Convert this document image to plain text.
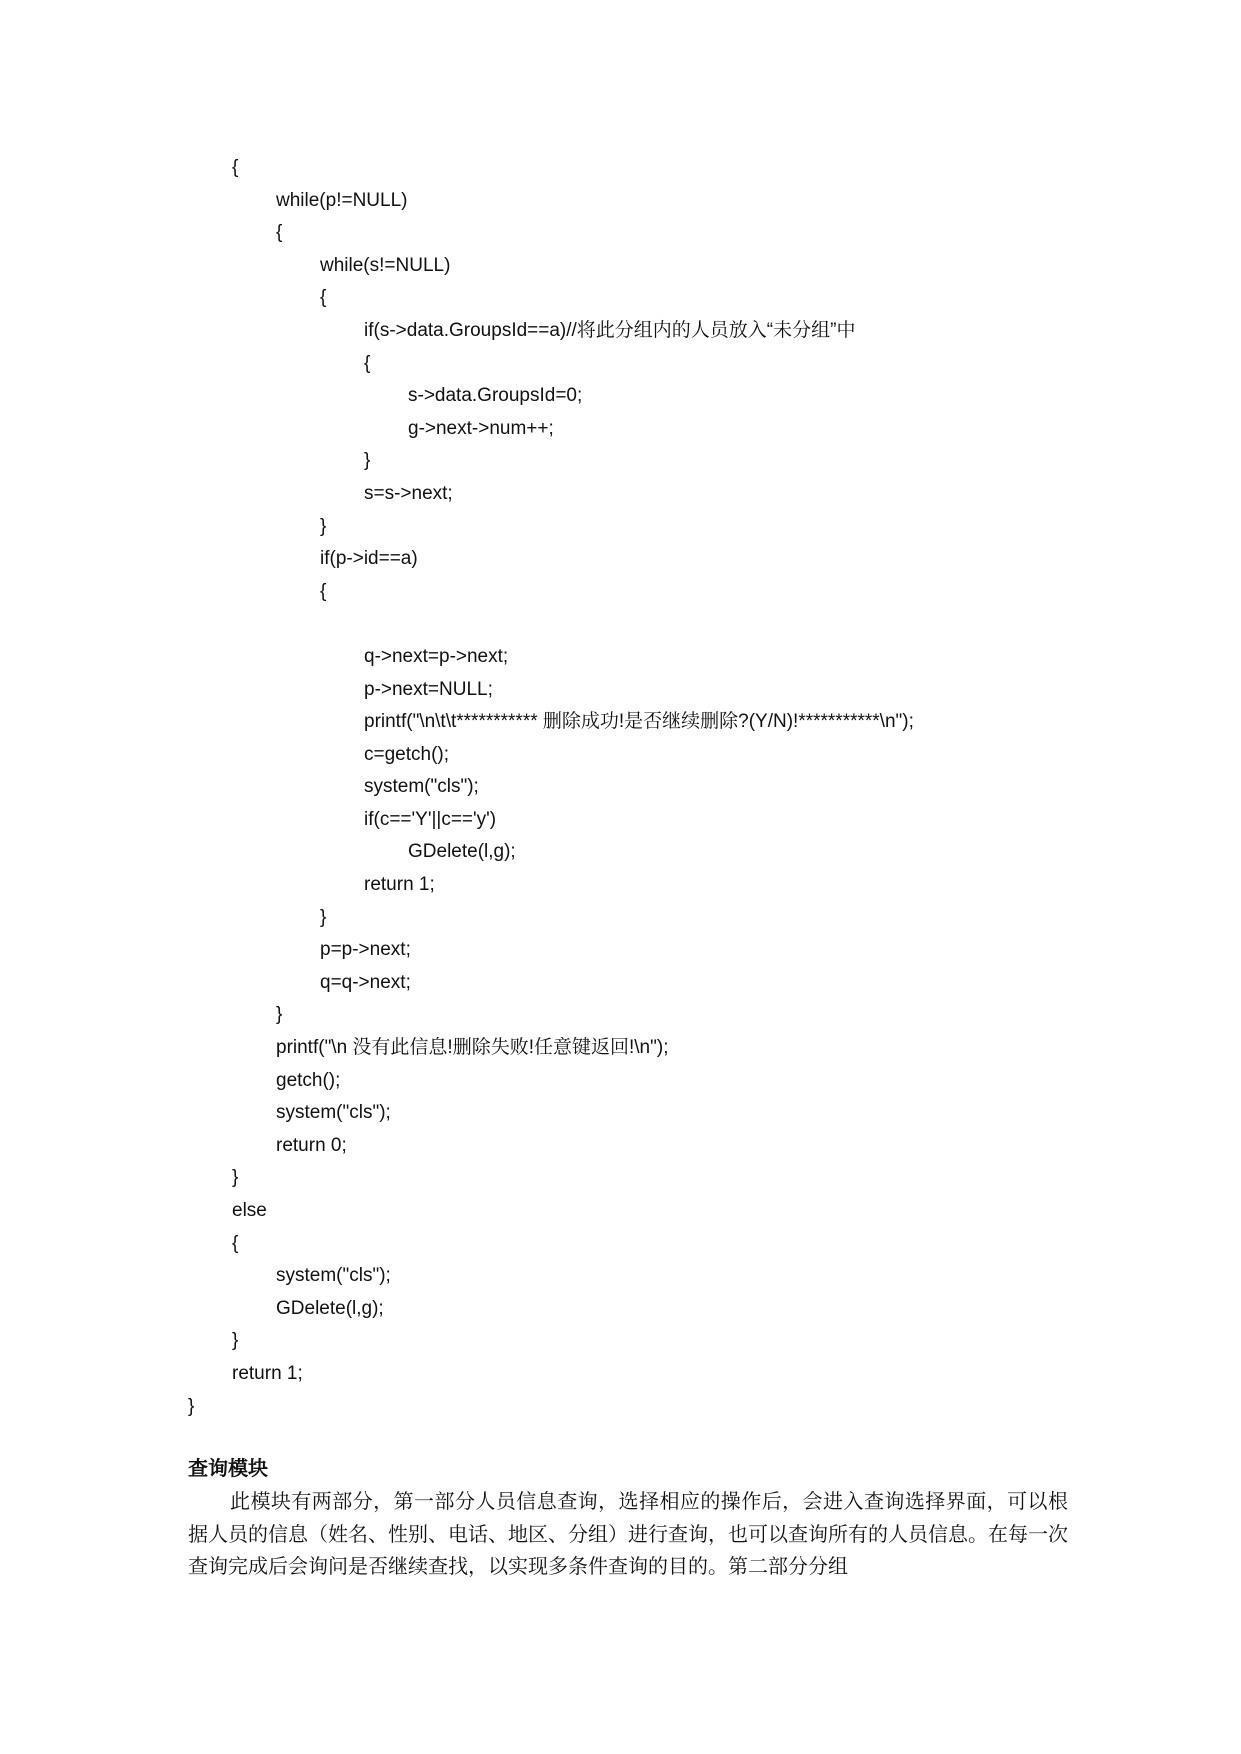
{
while(p!=NULL)
{
while(s!=NULL)
{
if(s->data.GroupsId==a)//将此分组内的人员放入“未分组”中
{
s->data.GroupsId=0;
g->next->num++;
}
s=s->next;
}
if(p->id==a)
{
q->next=p->next;
p->next=NULL;
printf("\n\t\t*********** 删除成功!是否继续删除?(Y/N)!***********\n");
c=getch();
system("cls");
if(c=='Y'||c=='y')
GDelete(l,g);
return 1;
}
p=p->next;
q=q->next;
}
printf("\n 没有此信息!删除失败!任意键返回!\n");
getch();
system("cls");
return 0;
}
else
{
system("cls");
GDelete(l,g);
}
return 1;
}
查询模块
此模块有两部分，第一部分人员信息查询，选择相应的操作后，会进入查询选择界面，可以根据人员的信息（姓名、性别、电话、地区、分组）进行查询，也可以查询所有的人员信息。在每一次查询完成后会询问是否继续查找，以实现多条件查询的目的。第二部分分组
